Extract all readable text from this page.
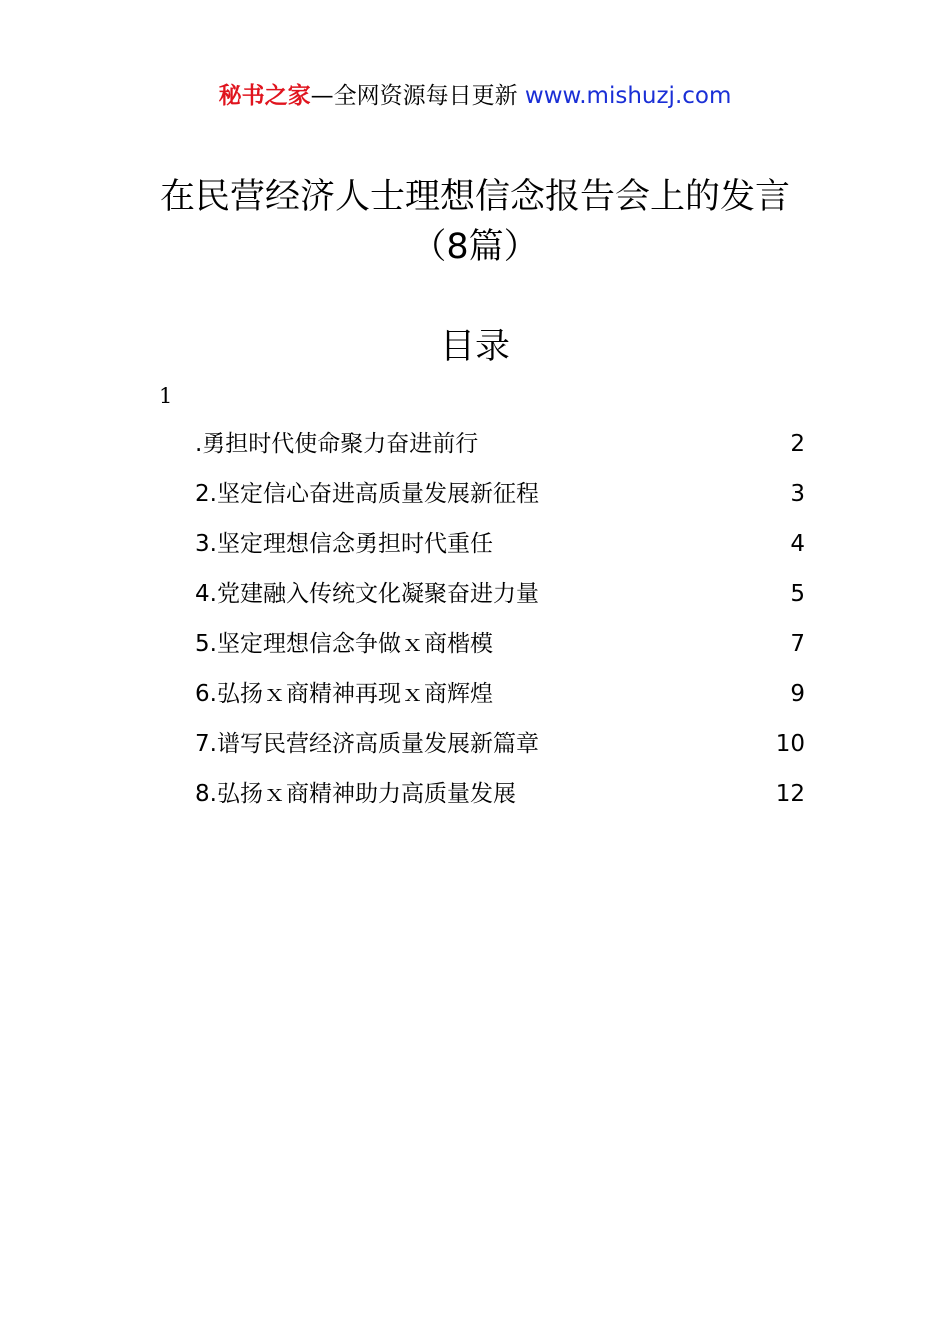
秘书之家—全网资源每日更新 www.mishuzj.com
在民营经济人士理想信念报告会上的发言
（8篇）
目录
1
.勇担时代使命聚力奋进前行 .....	2
2.坚定信心奋进高质量发展新征程 .....	3
3.坚定理想信念勇担时代重任 .....	4
4.党建融入传统文化凝聚奋进力量 .....	5
5.坚定理想信念争做ｘ商楷模 .....	7
6.弘扬ｘ商精神再现ｘ商辉煌 .....	9
7.谱写民营经济高质量发展新篇章 .....	10
8.弘扬ｘ商精神助力高质量发展 .....	12
